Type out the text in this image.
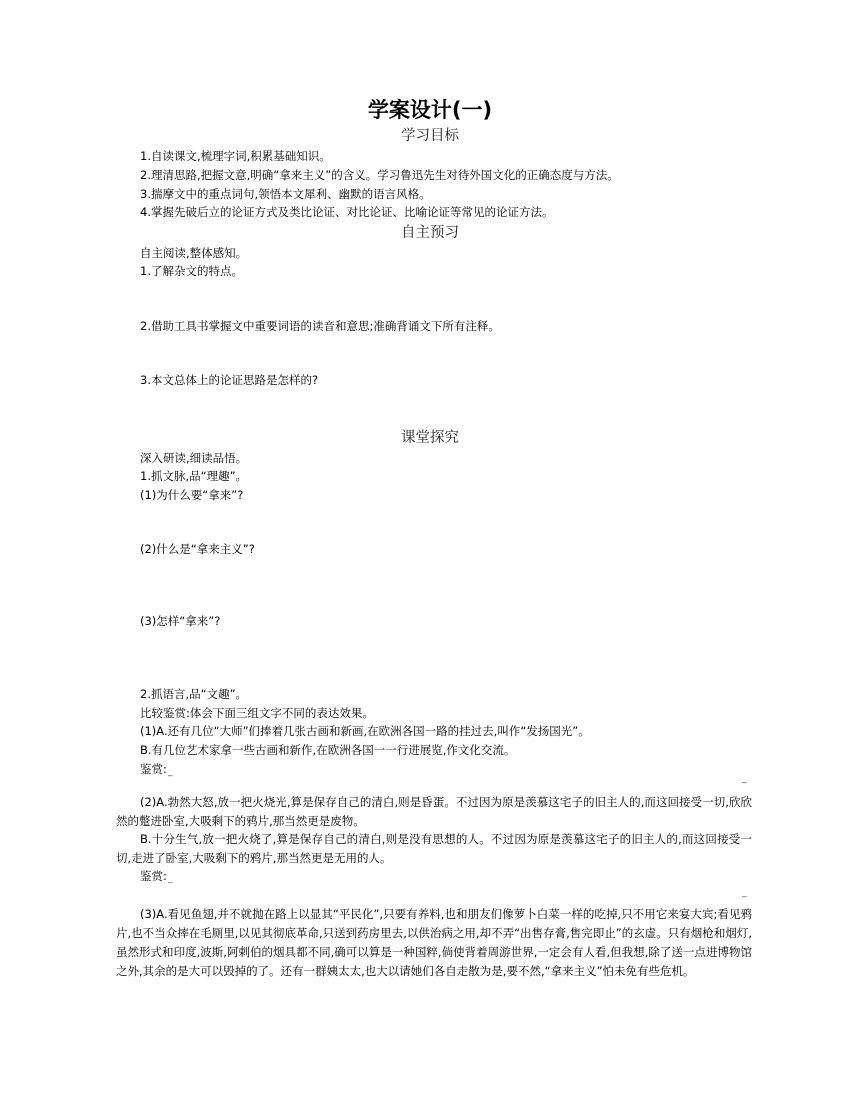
学案设计(一)
学习目标
1.自读课文,梳理字词,积累基础知识。
2.理清思路,把握文意,明确“拿来主义”的含义。学习鲁迅先生对待外国文化的正确态度与方法。
3.揣摩文中的重点词句,领悟本文犀利、幽默的语言风格。
4.掌握先破后立的论证方式及类比论证、对比论证、比喻论证等常见的论证方法。
自主预习
自主阅读,整体感知。
1.了解杂文的特点。
2.借助工具书掌握文中重要词语的读音和意思;准确背诵文下所有注释。
3.本文总体上的论证思路是怎样的?
课堂探究
深入研读,细读品悟。
1.抓文脉,品“理趣”。
(1)为什么要“拿来”?
(2)什么是“拿来主义”?
(3)怎样“拿来”?
2.抓语言,品“文趣”。
比较鉴赏:体会下面三组文字不同的表达效果。
(1)A.还有几位“大师”们捧着几张古画和新画,在欧洲各国一路的挂过去,叫作“发扬国光”。
B.有几位艺术家拿一些古画和新作,在欧洲各国一一行进展览,作文化交流。
鉴赏: _
‾
(2)A.勃然大怒,放一把火烧光,算是保存自己的清白,则是昏蛋。不过因为原是羡慕这宅子的旧主人的,而这回接受一切,欣欣然的蹩进卧室,大吸剩下的鸦片,那当然更是废物。
B.十分生气,放一把火烧了,算是保存自己的清白,则是没有思想的人。不过因为原是羡慕这宅子的旧主人的,而这回接受一切,走进了卧室,大吸剩下的鸦片,那当然更是无用的人。
鉴赏: _
‾
(3)A.看见鱼翅,并不就抛在路上以显其“平民化”,只要有养料,也和朋友们像萝卜白菜一样的吃掉,只不用它来宴大宾;看见鸦片,也不当众摔在毛厕里,以见其彻底革命,只送到药房里去,以供治病之用,却不弄“出售存膏,售完即止”的玄虚。只有烟枪和烟灯,虽然形式和印度,波斯,阿剌伯的烟具都不同,确可以算是一种国粹,倘使背着周游世界,一定会有人看,但我想,除了送一点进博物馆之外,其余的是大可以毁掉的了。还有一群姨太太,也大以请她们各自走散为是,要不然,“拿来主义”怕未免有些危机。
